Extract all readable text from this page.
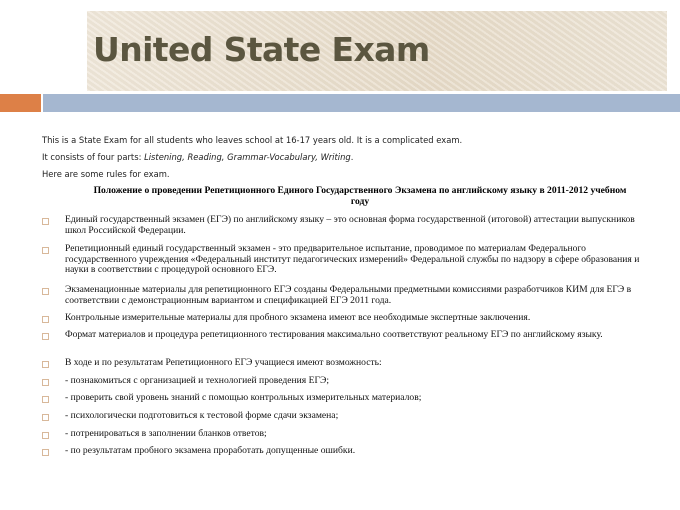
United State Exam
This is a State Exam for all students who leaves school at 16-17 years old. It is a complicated exam.
It consists of four parts: Listening, Reading, Grammar-Vocabulary, Writing.
Here are some rules for exam.
Положение о проведении Репетиционного Единого Государственного Экзамена по английскому языку в 2011-2012 учебном году
Единый государственный экзамен (ЕГЭ) по английскому языку – это основная форма государственной (итоговой) аттестации выпускников школ Российской Федерации.
Репетиционный единый государственный экзамен - это предварительное испытание, проводимое по материалам Федерального государственного учреждения «Федеральный институт педагогических измерений» Федеральной службы по надзору в сфере образования и науки в соответствии с процедурой основного ЕГЭ.
Экзаменационные материалы для репетиционного ЕГЭ созданы Федеральными предметными комиссиями разработчиков КИМ для ЕГЭ в соответствии с демонстрационным вариантом и спецификацией ЕГЭ 2011 года.
Контрольные измерительные материалы для пробного экзамена имеют все необходимые экспертные заключения.
Формат материалов и процедура репетиционного тестирования максимально соответствуют реальному ЕГЭ по английскому языку.
В ходе и по результатам Репетиционного ЕГЭ учащиеся имеют возможность:
- познакомиться с организацией и технологией проведения ЕГЭ;
- проверить свой уровень знаний с помощью контрольных измерительных материалов;
- психологически подготовиться к тестовой форме сдачи экзамена;
- потренироваться в заполнении бланков ответов;
- по результатам пробного экзамена проработать допущенные ошибки.
